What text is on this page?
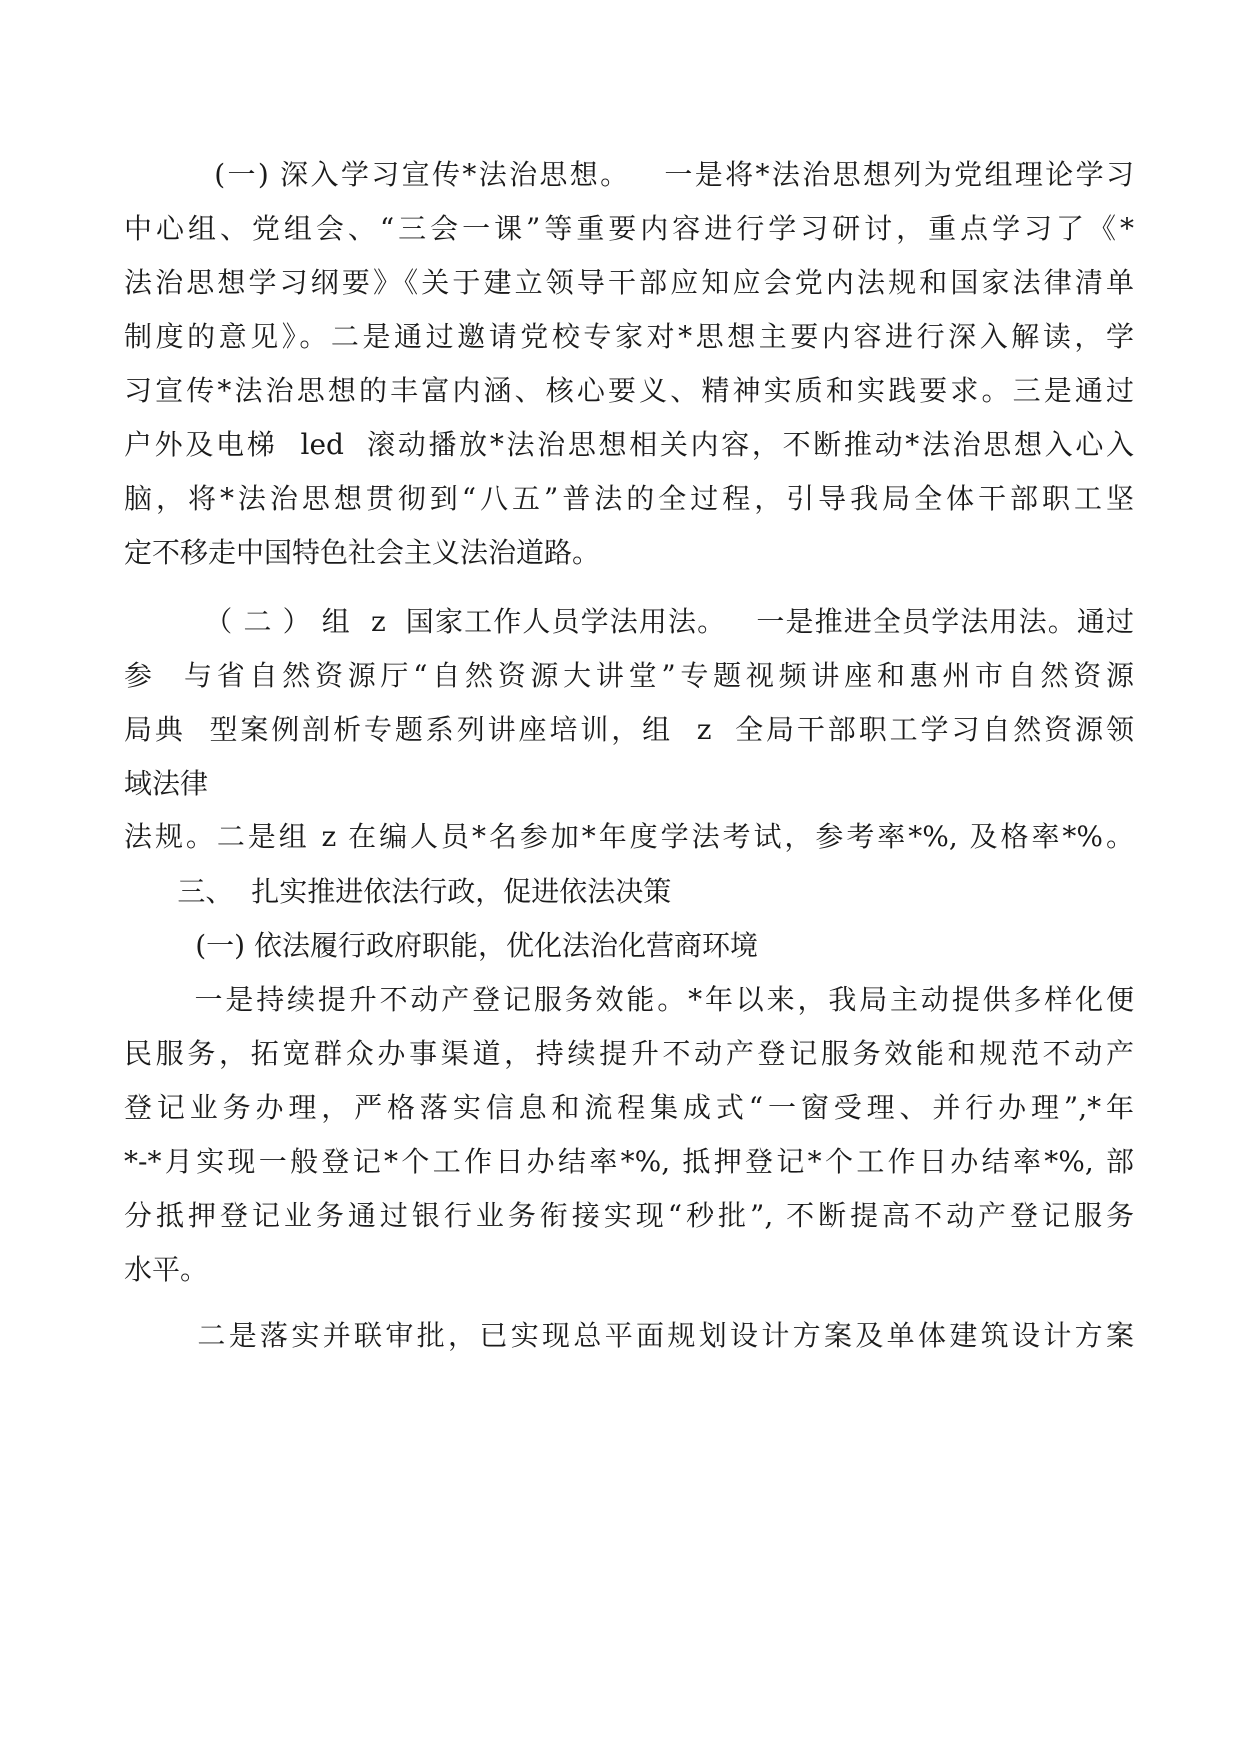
(一) 深入学习宣传*法治思想。   一是将*法治思想列为党组理论学习

中心组、党组会、“三会一课”等重要内容进行学习研讨，重点学习了《*

法治思想学习纲要》《关于建立领导干部应知应会党内法规和国家法律清单

制度的意见》。二是通过邀请党校专家对*思想主要内容进行深入解读，学

习宣传*法治思想的丰富内涵、核心要义、精神实质和实践要求。三是通过

户外及电梯  led  滚动播放*法治思想相关内容，不断推动*法治思想入心入

脑，将*法治思想贯彻到“八五”普法的全过程，引导我局全体干部职工坚

定不移走中国特色社会主义法治道路。

（ 二 ） 组  z  国家工作人员学法用法。   一是推进全员学法用法。通过

参  与省自然资源厅“自然资源大讲堂”专题视频讲座和惠州市自然资源

局典  型案例剖析专题系列讲座培训，组  z  全局干部职工学习自然资源领

域法律

法规。二是组 z 在编人员*名参加*年度学法考试，参考率*%, 及格率*%。

三、  扎实推进依法行政，促进依法决策

(一) 依法履行政府职能，优化法治化营商环境

一是持续提升不动产登记服务效能。*年以来，我局主动提供多样化便

民服务，拓宽群众办事渠道，持续提升不动产登记服务效能和规范不动产

登记业务办理，严格落实信息和流程集成式“一窗受理、并行办理”,*年

*-*月实现一般登记*个工作日办结率*%, 抵押登记*个工作日办结率*%, 部

分抵押登记业务通过银行业务衔接实现“秒批”, 不断提高不动产登记服务

水平。

二是落实并联审批，已实现总平面规划设计方案及单体建筑设计方案
